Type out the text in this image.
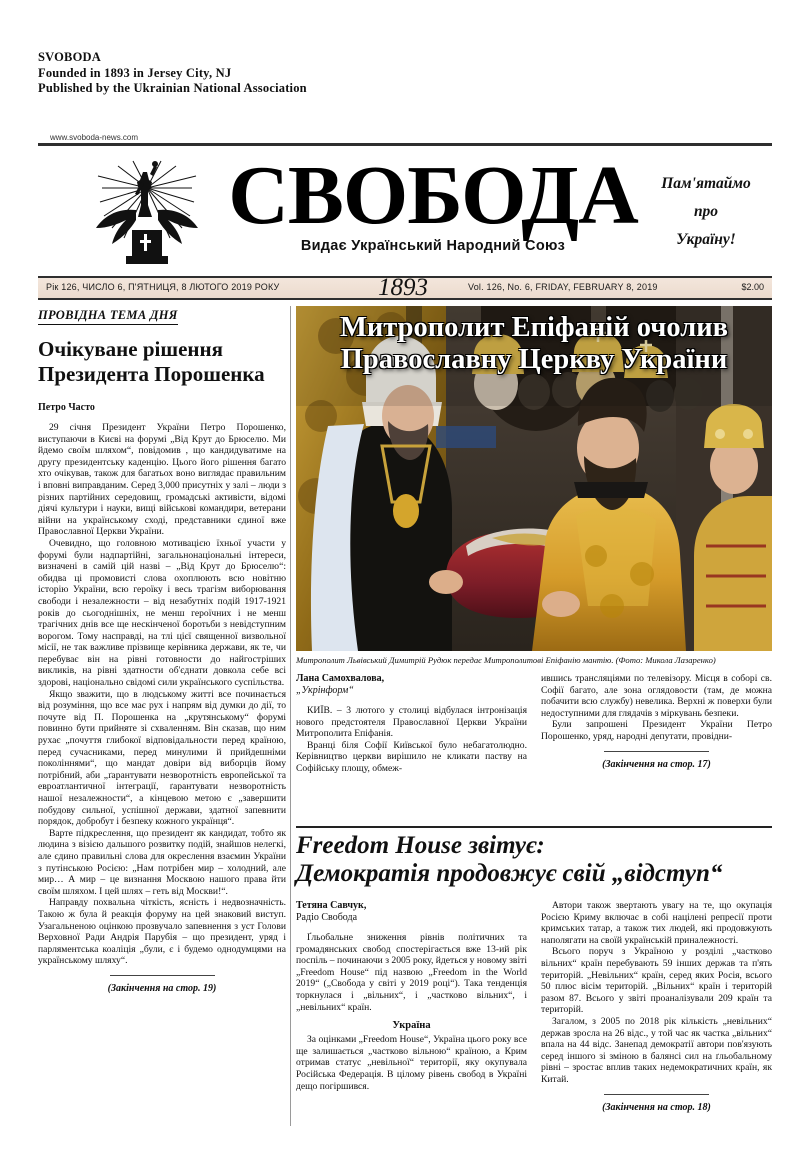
SVOBODA
Founded in 1893 in Jersey City, NJ
Published by the Ukrainian National Association
www.svoboda-news.com
СВОБОДА
Видає Український Народний Союз
Пам'ятаймо
про
Україну!
Рік 126, ЧИСЛО 6, П'ЯТНИЦЯ, 8 ЛЮТОГО 2019 РОКУ	1893	Vol. 126, No. 6, FRIDAY, FEBRUARY 8, 2019	$2.00
ПРОВІДНА ТЕМА ДНЯ
Очікуване рішення Президента Порошенка
Петро Часто

29 січня Президент України Петро Порошенко, виступаючи в Києві на форумі „Від Крут до Брюселю. Ми йдемо своїм шляхом“, повідомив , що кандидуватиме на другу президентську каденцію. Цього його рішення багато хто очікував, також для багатьох воно виглядає правильним і вповні виправданим. Серед 3,000 присутніх у залі – люди з різних партійних середовищ, громадські активісти, відомі діячі культури і науки, вищі військові командири, ветерани війни на українському сході, представники єдиної вже Православної Церкви України.

Очевидно, що головною мотивацією їхньої участи у форумі були надпартійні, загальнонаціональні інтереси, визначені в самій цій назві – „Від Крут до Брюселю“: обидва ці промовисті слова охоплюють всю новітню історію України, всю героїку і весь трагізм виборювання свободи і незалежности – від незабутніх подій 1917-1921 років до сьогоднішніх, не менш героїчних і не менш трагічних днів все ще нескінченої боротьби з невідступним ворогом. Тому насправді, на тлі цієї священної визвольної місії, не так важливе прізвище керівника держави, як те, чи перебуває він на рівні готовности до найгостріших викликів, на рівні здатности об'єднати довкола себе всі здорові, національно свідомі сили українського суспільства.

Якщо зважити, що в людському житті все починається від розуміння, що все має рух і напрям від думки до дії, то почуте від П. Порошенка на „крутянському“ форумі повинно бути прийняте зі схваленням. Він сказав, що ним рухає „почуття глибокої відповідальности перед країною, перед сучасниками, перед минулими й прийдешніми поколіннями“, що мандат довіри від виборців йому потрібний, аби „ґарантувати незворотність европейської та евроатлантичної інтеграції, ґарантувати незворотність нашої незалежности“, а кінцевою метою є „завершити побудову сильної, успішної держави, здатної запевнити порядок, добробут і безпеку кожного українця“.

Варте підкреслення, що президент як кандидат, тобто як людина з візією дальшого розвитку подій, знайшов нелегкі, але єдино правильні слова для окреслення взаємин України з путінською Росією: „Нам потрібен мир – холодний, але мир… А мир – це визнання Москвою нашого права йти своїм шляхом. І цей шлях – геть від Москви!“.

Направду похвальна чіткість, ясність і недвозначність. Такою ж була й реакція форуму на цей знаковий виступ. Узагальненою оцінкою прозвучало запевнення з уст Голови Верховної Ради Андрія Парубія – що президент, уряд і парляментська коаліція „були, є і будемо однодумцями на українському шляху“.

(Закінчення на стор. 19)
Митрополит Епіфаній очолив
Православну Церкву України
Митрополит Львівський Димитрій Рудюк передає Митрополитові Епіфанію мантію. (Фото: Микола Лазаренко)
Лана Самохвалова,
„Укрінформ“

КИЇВ. – 3 лютого у столиці відбулася інтронізація нового предстоятеля Православної Церкви України Митрополита Епіфанія.

Вранці біля Софії Київської було небагатолюдно. Керівництво церкви вирішило не кликати паству на Софійську площу, обмеж-

ившись трансляціями по телевізору. Місця в соборі св. Софії багато, але зона оглядовости (там, де можна побачити всю службу) невелика. Верхні ж поверхи були недоступними для глядачів з міркувань безпеки.

Були запрошені Президент України Петро Порошенко, уряд, народні депутати, провідни-

(Закінчення на стор. 17)
Freedom House звітує:
Демократія продовжує свій „відступ“
Тетяна Савчук,
Радіо Свобода

Ґльобальне зниження рівнів політичних та громадянських свобод спостерігається вже 13-ий рік поспіль – починаючи з 2005 року, йдеться у новому звіті „Freedom House“ під назвою „Freedom in the World 2019“ („Свобода у світі у 2019 році“). Така тенденція торкнулася і „вільних“, і „частково вільних“, і „невільних“ країн.

Україна

За оцінками „Freedom House“, Україна цього року все ще залишається „частково вільною“ країною, а Крим отримав статус „невільної“ території, яку окупувала Російська Федерація. В цілому рівень свобод в Україні дещо погіршився.

Автори також звертають увагу на те, що окупація Росією Криму включає в собі націлені репресії проти кримських татар, а також тих людей, які продовжують наполягати на своїй українській приналежності.

Всього поруч з Україною у розділі „частково вільних“ країн перебувають 59 інших держав та п'ять територій. „Невільних“ країн, серед яких Росія, всього 50 плюс вісім територій. „Вільних“ країн і територій разом 87. Всього у звіті проаналізували 209 країн та територій.

Загалом, з 2005 по 2018 рік кількість „невільних“ держав зросла на 26 відс., у той час як частка „вільних“ впала на 44 відс. Занепад демократії автори пов'язують серед іншого зі зміною в балянсі сил на ґльобальному рівні – зростає вплив таких недемократичних країн, як Китай.

(Закінчення на стор. 18)
